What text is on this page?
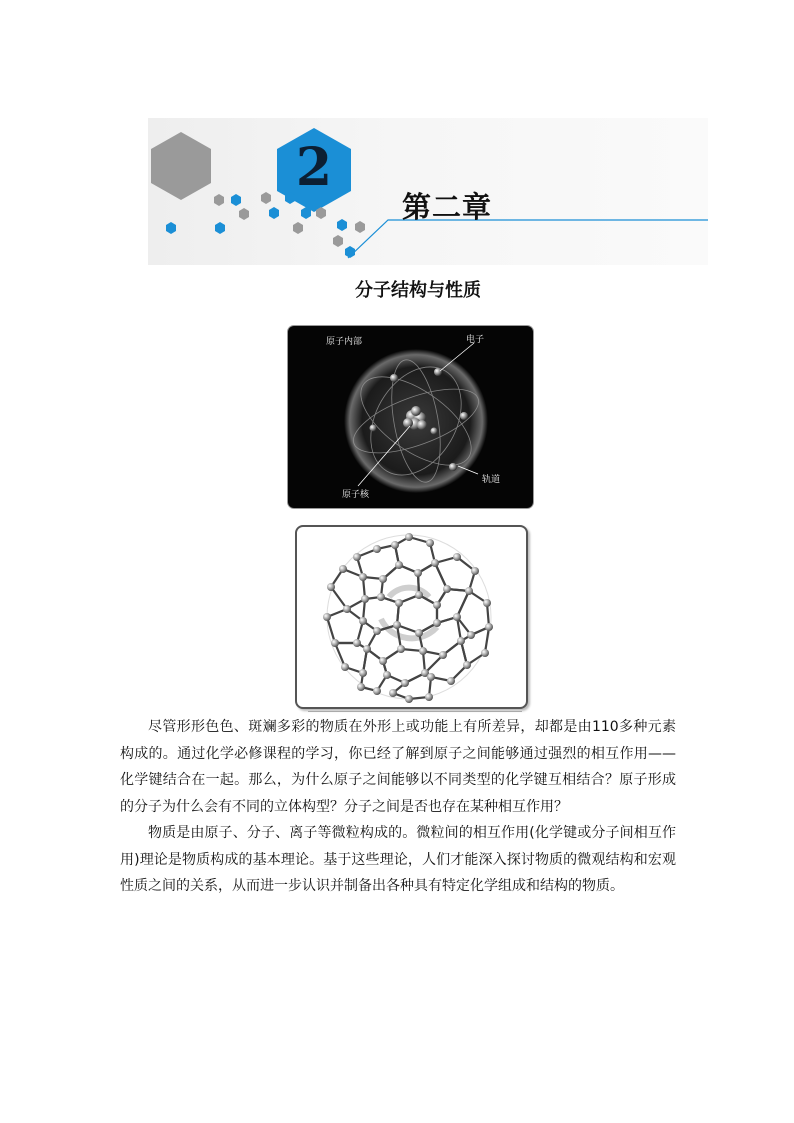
2
第二章
分子结构与性质
原子内部	电子
原子核
轨道

尽管形形色色、斑斓多彩的物质在外形上或功能上有所差异，却都是由110多种元素构成的。通过化学必修课程的学习，你已经了解到原子之间能够通过强烈的相互作用——化学键结合在一起。那么，为什么原子之间能够以不同类型的化学键互相结合？原子形成的分子为什么会有不同的立体构型？分子之间是否也存在某种相互作用？

物质是由原子、分子、离子等微粒构成的。微粒间的相互作用(化学键或分子间相互作用)理论是物质构成的基本理论。基于这些理论，人们才能深入探讨物质的微观结构和宏观性质之间的关系，从而进一步认识并制备出各种具有特定化学组成和结构的物质。
